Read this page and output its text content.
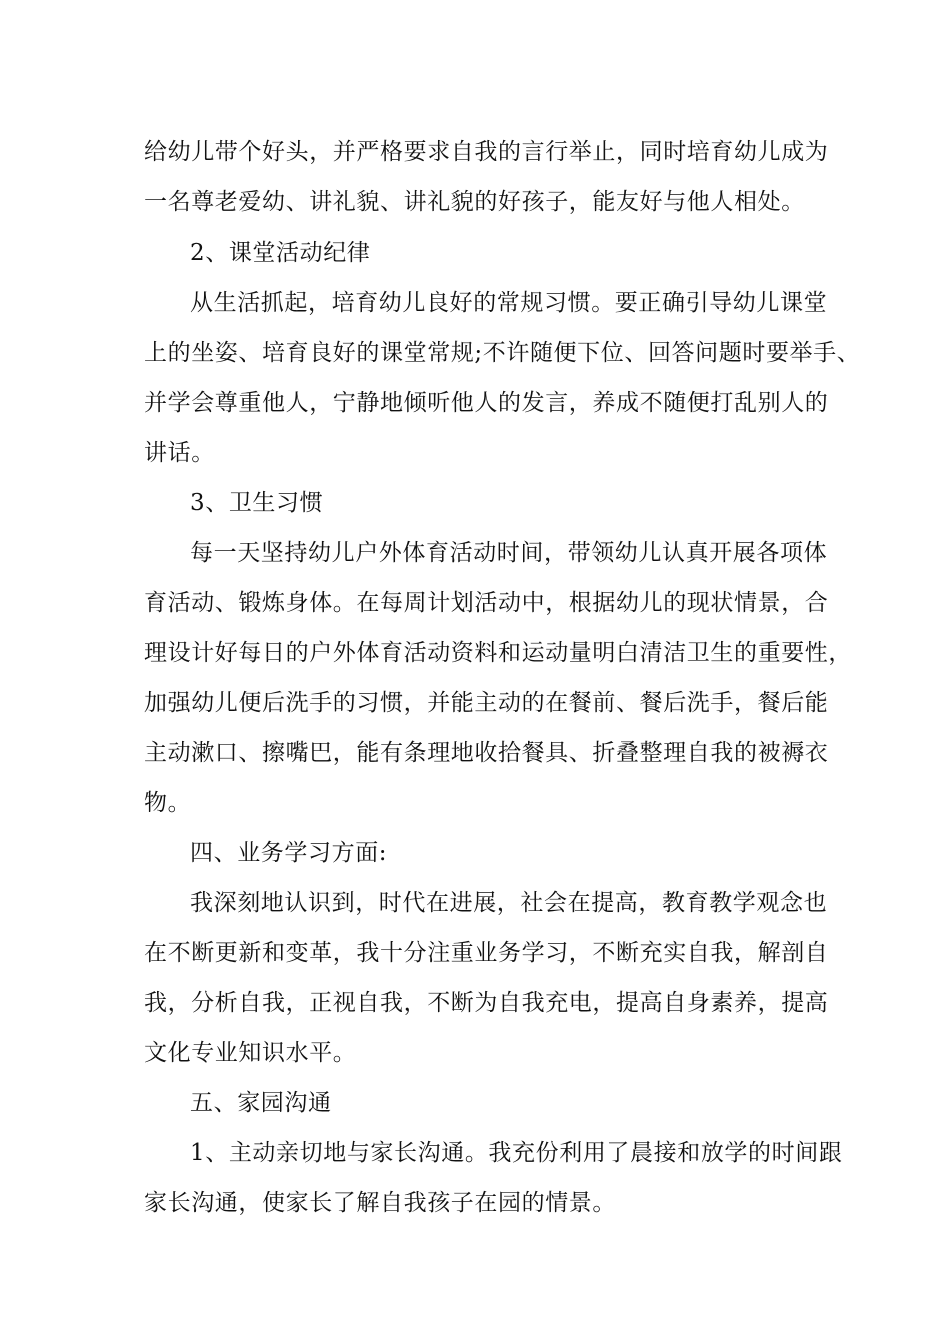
给幼儿带个好头，并严格要求自我的言行举止，同时培育幼儿成为
一名尊老爱幼、讲礼貌、讲礼貌的好孩子，能友好与他人相处。
2、课堂活动纪律
从生活抓起，培育幼儿良好的常规习惯。要正确引导幼儿课堂
上的坐姿、培育良好的课堂常规;不许随便下位、回答问题时要举手、
并学会尊重他人，宁静地倾听他人的发言，养成不随便打乱别人的
讲话。
3、卫生习惯
每一天坚持幼儿户外体育活动时间，带领幼儿认真开展各项体
育活动、锻炼身体。在每周计划活动中，根据幼儿的现状情景，合
理设计好每日的户外体育活动资料和运动量明白清洁卫生的重要性，
加强幼儿便后洗手的习惯，并能主动的在餐前、餐后洗手，餐后能
主动漱口、擦嘴巴，能有条理地收拾餐具、折叠整理自我的被褥衣
物。
四、业务学习方面:
我深刻地认识到，时代在进展，社会在提高，教育教学观念也
在不断更新和变革，我十分注重业务学习，不断充实自我，解剖自
我，分析自我，正视自我，不断为自我充电，提高自身素养，提高
文化专业知识水平。
五、家园沟通
1、主动亲切地与家长沟通。我充份利用了晨接和放学的时间跟
家长沟通，使家长了解自我孩子在园的情景。
